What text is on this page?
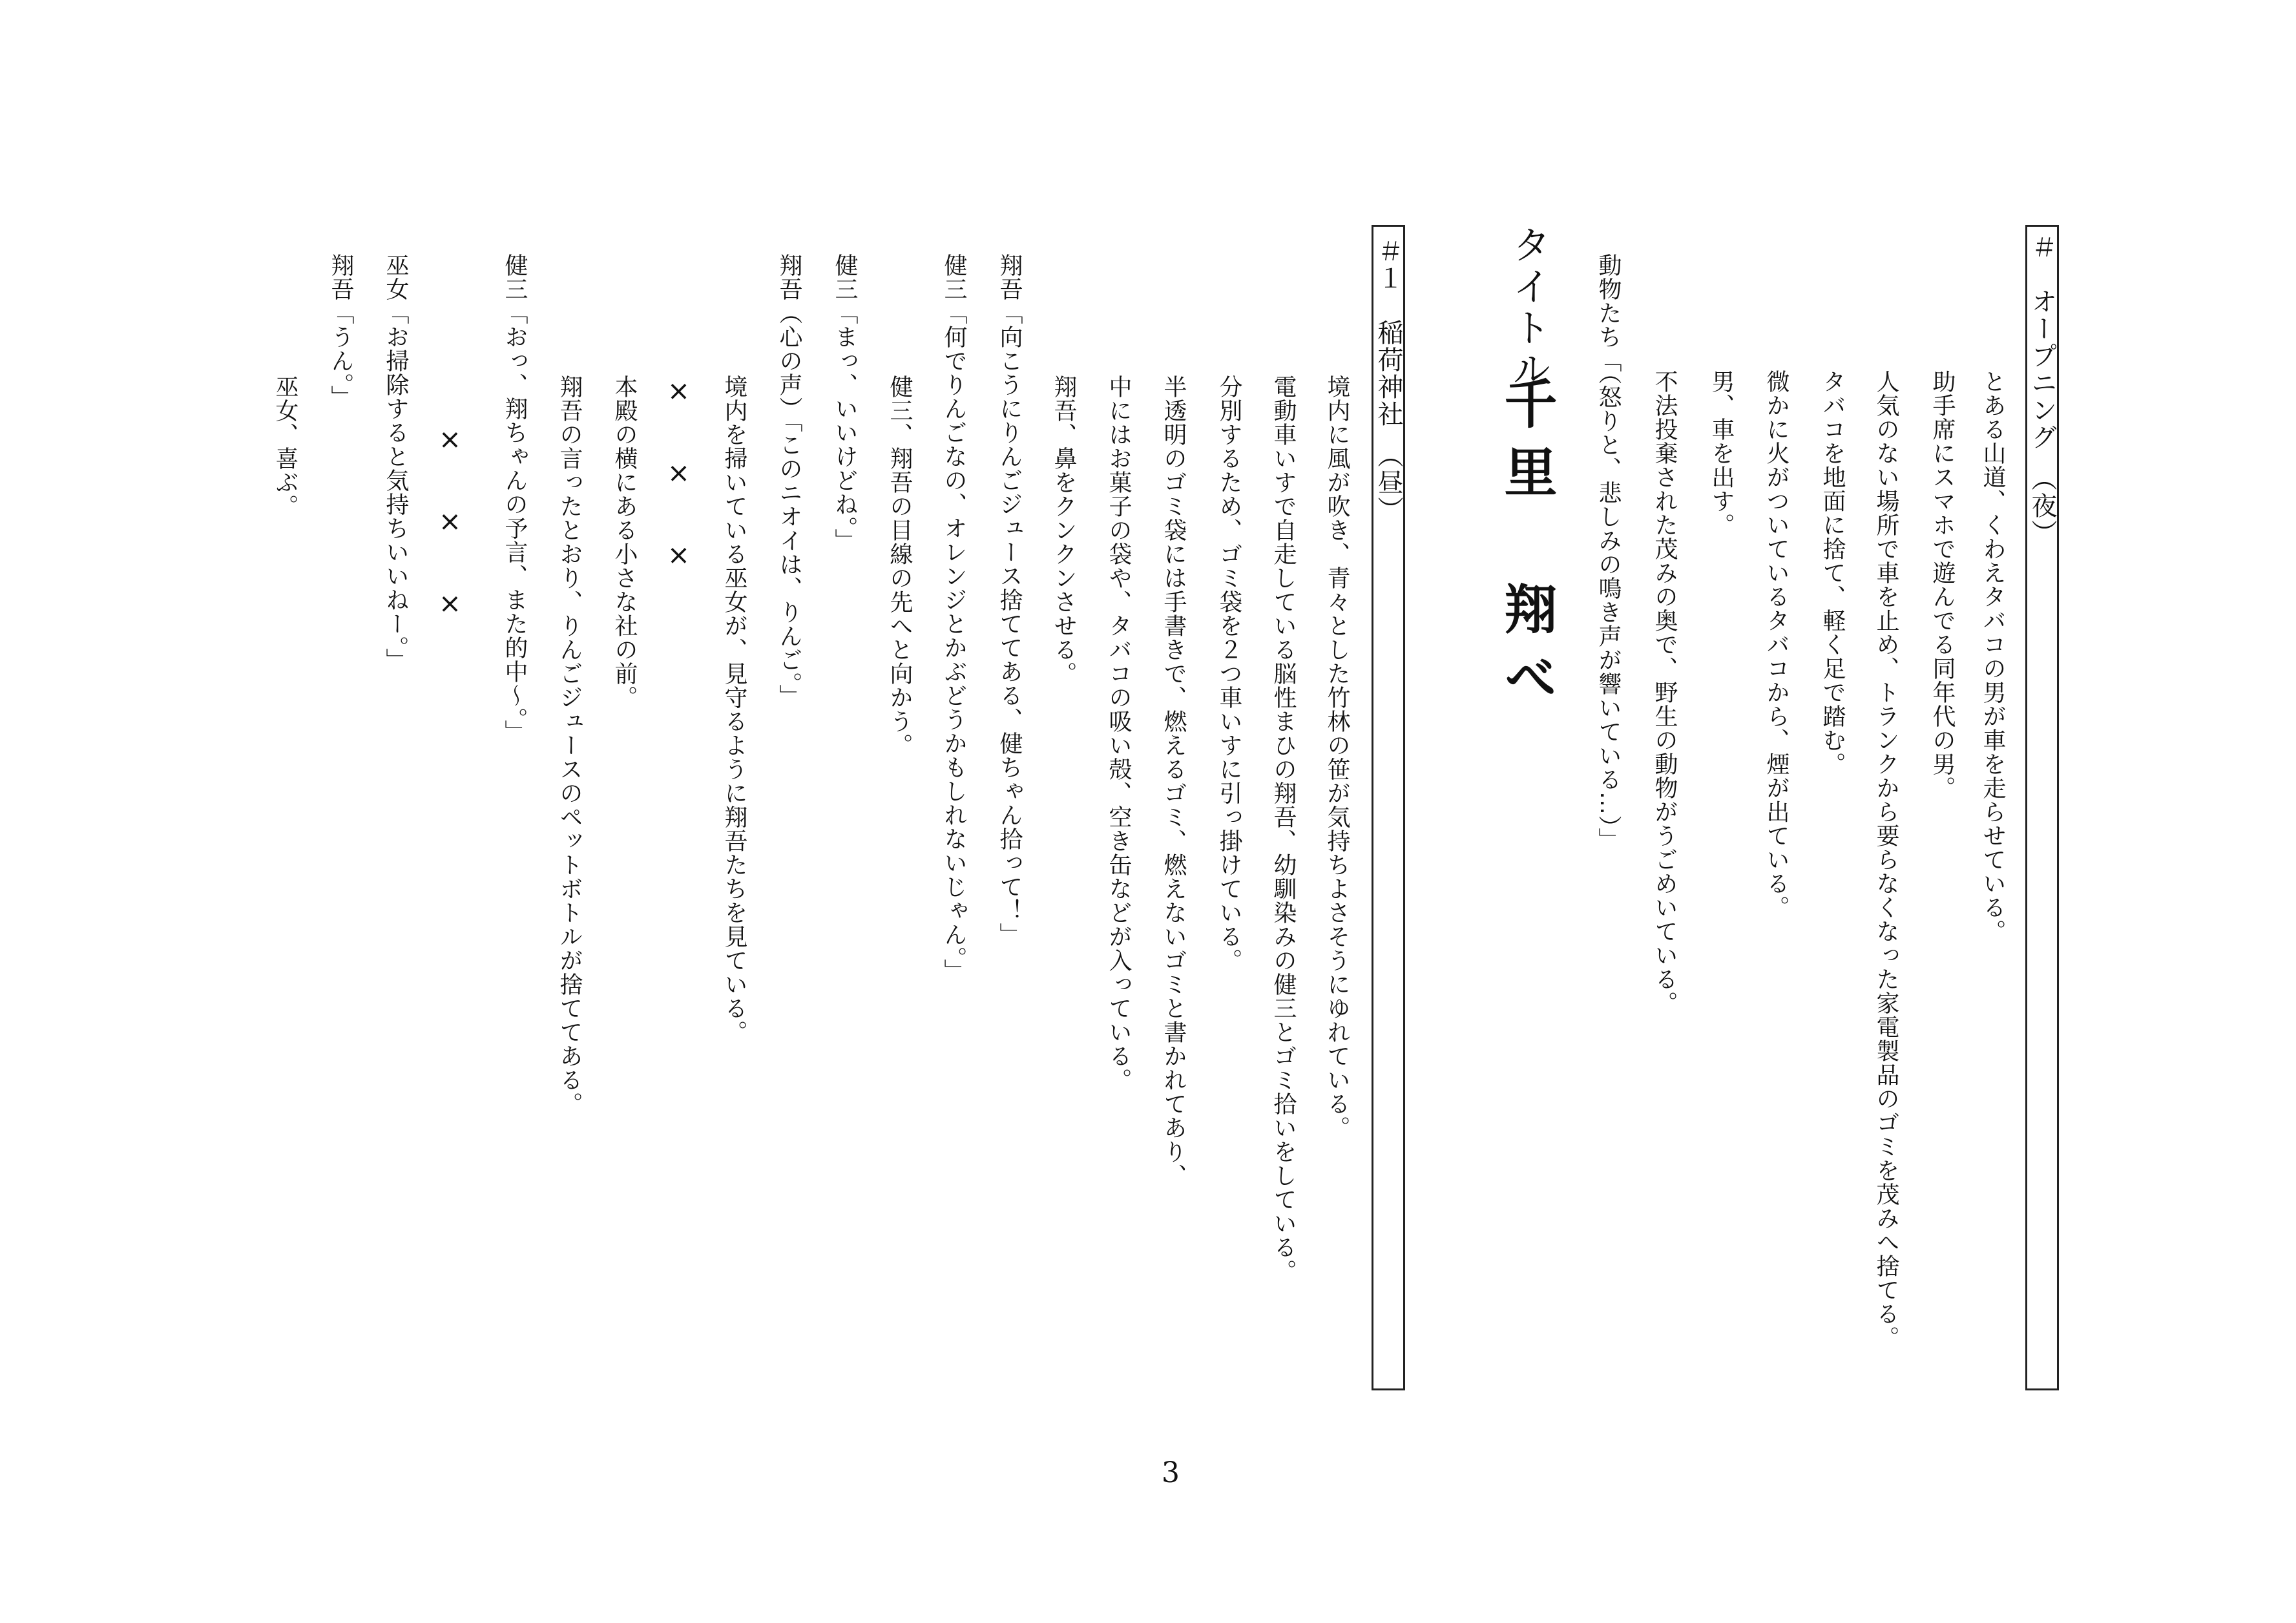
＃　オープニング　（夜）
とある山道、くわえタバコの男が車を走らせている。
助手席にスマホで遊んでる同年代の男。
人気のない場所で車を止め、トランクから要らなくなった家電製品のゴミを茂みへ捨てる。
タバコを地面に捨て、軽く足で踏む。
微かに火がついているタバコから、煙が出ている。
男、車を出す。
不法投棄された茂みの奥で、野生の動物がうごめいている。
動物たち「（怒りと、悲しみの鳴き声が響いている…）」
タイトル
千里　翔べ
＃１　稲荷神社　（昼）
境内に風が吹き、青々とした竹林の笹が気持ちよさそうにゆれている。
電動車いすで自走している脳性まひの翔吾、幼馴染みの健三とゴミ拾いをしている。
分別するため、ゴミ袋を２つ車いすに引っ掛けている。
半透明のゴミ袋には手書きで、燃えるゴミ、燃えないゴミと書かれてあり、
中にはお菓子の袋や、タバコの吸い殻、空き缶などが入っている。
翔吾、鼻をクンクンさせる。
翔吾「向こうにりんごジュース捨ててある、健ちゃん拾って！」
健三「何でりんごなの、オレンジとかぶどうかもしれないじゃん。」
健三、翔吾の目線の先へと向かう。
健三「まっ、いいけどね。」
翔吾（心の声）「このニオイは、りんご。」
境内を掃いている巫女が、見守るように翔吾たちを見ている。
×　×　×
本殿の横にある小さな社の前。
翔吾の言ったとおり、りんごジュースのペットボトルが捨ててある。
健三「おっ、翔ちゃんの予言、また的中〜。」
×　×　×
巫女「お掃除すると気持ちいいねー。」
翔吾「うん。」
巫女、喜ぶ。
3
